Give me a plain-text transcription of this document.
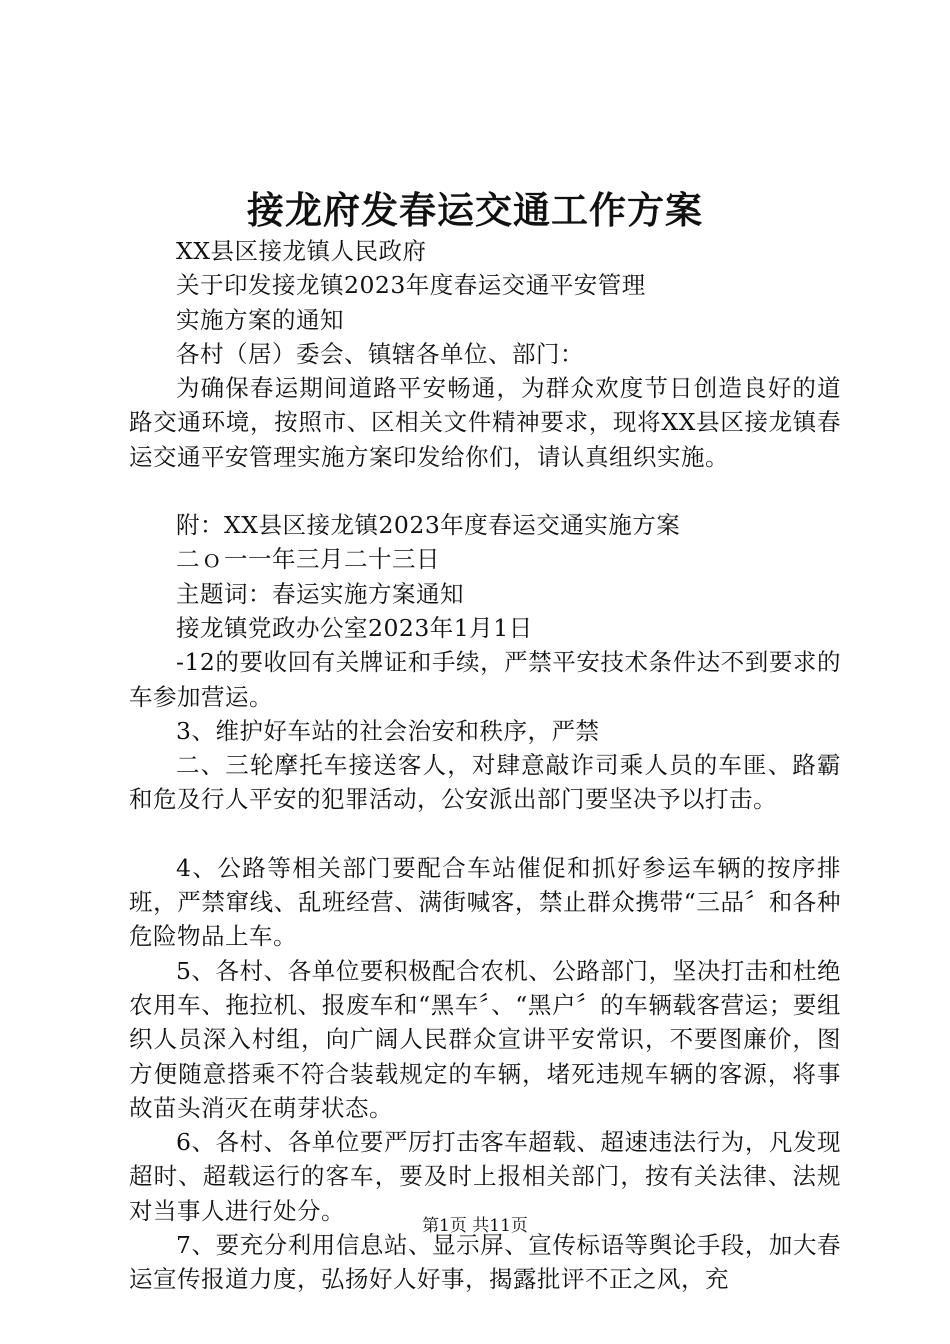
接龙府发春运交通工作方案

XX县区接龙镇人民政府

关于印发接龙镇2023年度春运交通平安管理

实施方案的通知

各村（居）委会、镇辖各单位、部门：

为确保春运期间道路平安畅通，为群众欢度节日创造良好的道路交通环境，按照市、区相关文件精神要求，现将XX县区接龙镇春运交通平安管理实施方案印发给你们，请认真组织实施。

附：XX县区接龙镇2023年度春运交通实施方案

二ｏ一一年三月二十三日

主题词：春运实施方案通知

接龙镇党政办公室2023年1月1日

-12的要收回有关牌证和手续，严禁平安技术条件达不到要求的车参加营运。

3、维护好车站的社会治安和秩序，严禁

二、三轮摩托车接送客人，对肆意敲诈司乘人员的车匪、路霸和危及行人平安的犯罪活动，公安派出部门要坚决予以打击。

4、公路等相关部门要配合车站催促和抓好参运车辆的按序排班，严禁窜线、乱班经营、满街喊客，禁止群众携带“三品〞和各种危险物品上车。

5、各村、各单位要积极配合农机、公路部门，坚决打击和杜绝农用车、拖拉机、报废车和“黑车〞、“黑户〞的车辆载客营运；要组织人员深入村组，向广阔人民群众宣讲平安常识，不要图廉价，图方便随意搭乘不符合装载规定的车辆，堵死违规车辆的客源，将事故苗头消灭在萌芽状态。

6、各村、各单位要严厉打击客车超载、超速违法行为，凡发现超时、超载运行的客车，要及时上报相关部门，按有关法律、法规对当事人进行处分。

7、要充分利用信息站、显示屏、宣传标语等舆论手段，加大春运宣传报道力度，弘扬好人好事，揭露批评不正之风，充

第1页 共11页
